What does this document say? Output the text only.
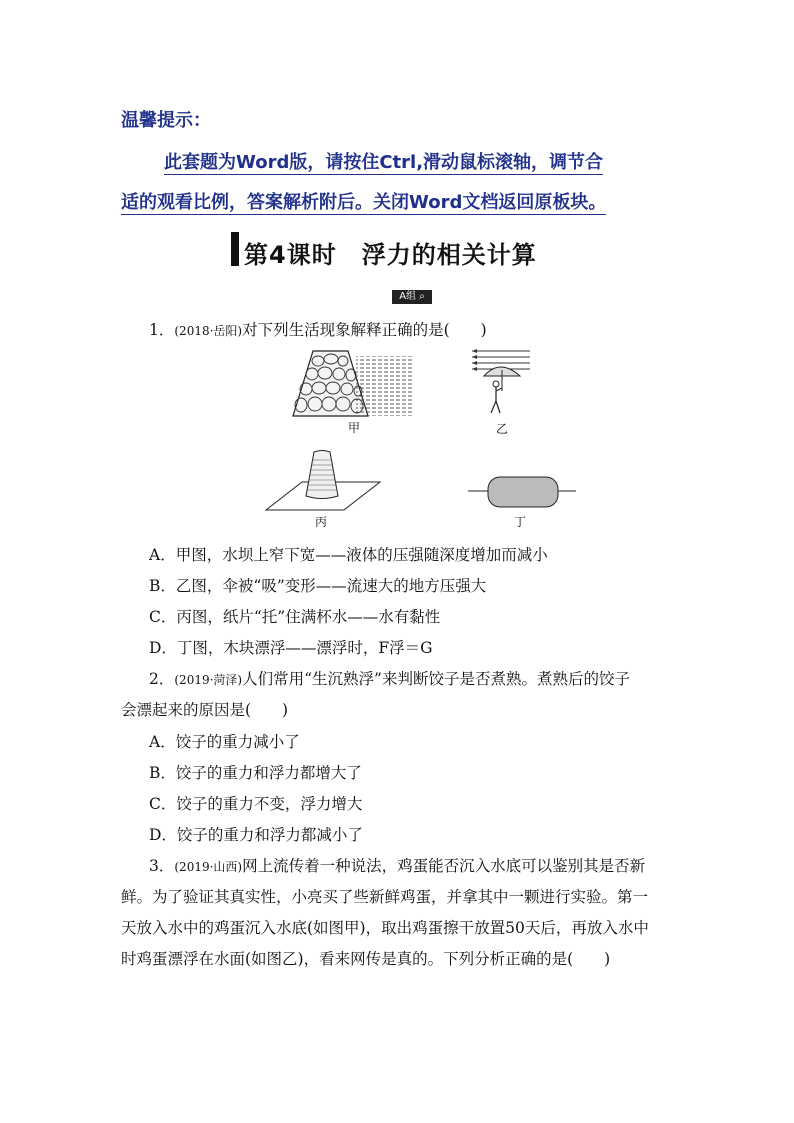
温馨提示：
此套题为Word版，请按住Ctrl,滑动鼠标滚轴，调节合
适的观看比例，答案解析附后。关闭Word文档返回原板块。
第4课时　浮力的相关计算
A组 ⌕
1．(2018·岳阳)对下列生活现象解释正确的是(　　)
甲	乙
丙	丁
A．甲图，水坝上窄下宽——液体的压强随深度增加而减小
B．乙图，伞被“吸”变形——流速大的地方压强大
C．丙图，纸片“托”住满杯水——水有黏性
D．丁图，木块漂浮——漂浮时，F浮＝G
2．(2019·菏泽)人们常用“生沉熟浮”来判断饺子是否煮熟。煮熟后的饺子
会漂起来的原因是(　　)
A．饺子的重力减小了
B．饺子的重力和浮力都增大了
C．饺子的重力不变，浮力增大
D．饺子的重力和浮力都减小了
3．(2019·山西)网上流传着一种说法，鸡蛋能否沉入水底可以鉴别其是否新
鲜。为了验证其真实性，小亮买了些新鲜鸡蛋，并拿其中一颗进行实验。第一
天放入水中的鸡蛋沉入水底(如图甲)，取出鸡蛋擦干放置50天后，再放入水中
时鸡蛋漂浮在水面(如图乙)，看来网传是真的。下列分析正确的是(　　)
